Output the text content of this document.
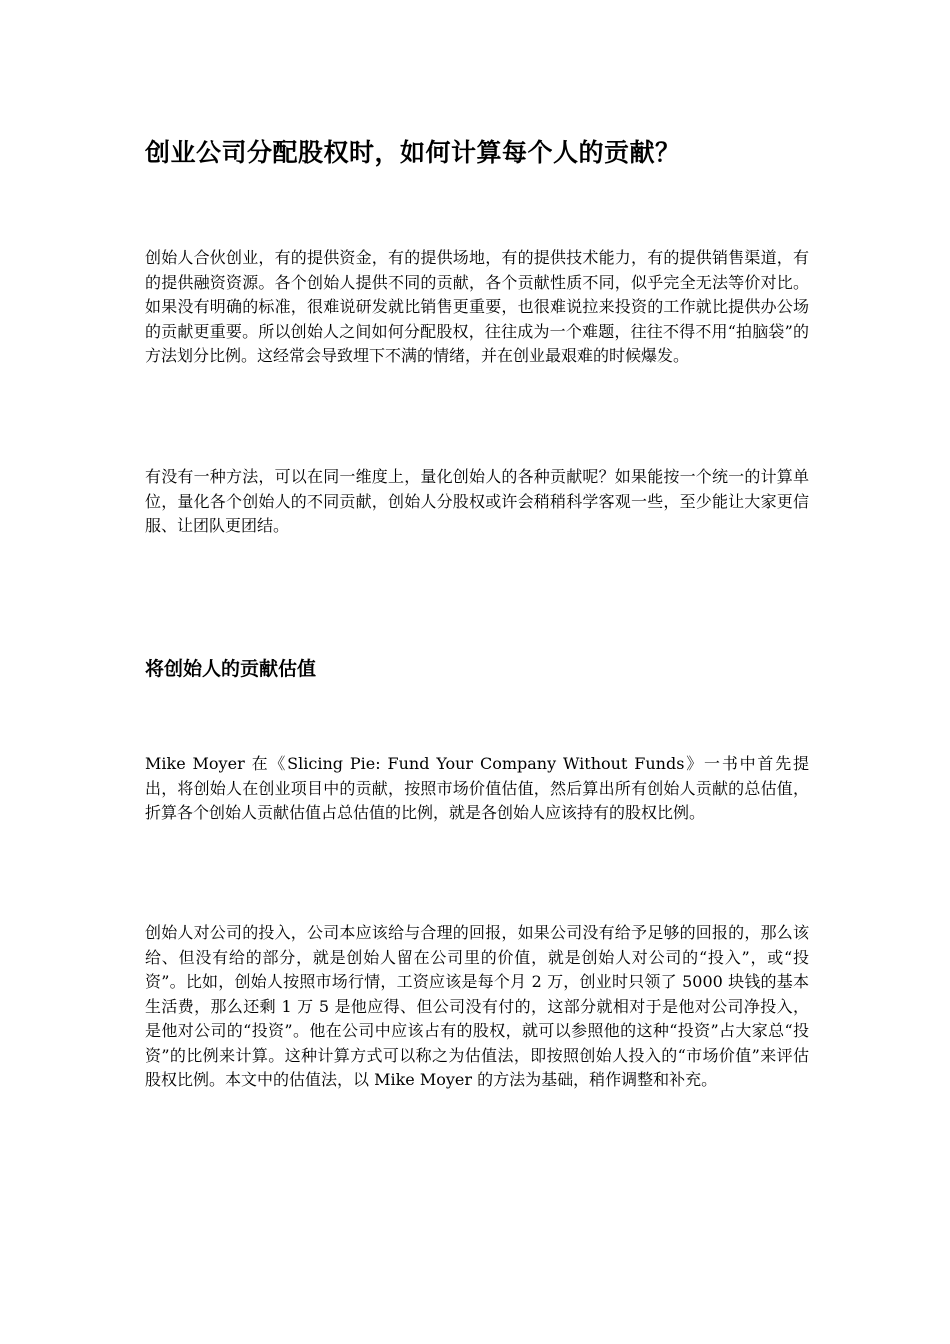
创业公司分配股权时，如何计算每个人的贡献？

创始人合伙创业，有的提供资金，有的提供场地，有的提供技术能力，有的提供销售渠道，有的提供融资资源。各个创始人提供不同的贡献，各个贡献性质不同，似乎完全无法等价对比。如果没有明确的标准，很难说研发就比销售更重要，也很难说拉来投资的工作就比提供办公场的贡献更重要。所以创始人之间如何分配股权，往往成为一个难题，往往不得不用“拍脑袋”的方法划分比例。这经常会导致埋下不满的情绪，并在创业最艰难的时候爆发。

有没有一种方法，可以在同一维度上，量化创始人的各种贡献呢？如果能按一个统一的计算单位，量化各个创始人的不同贡献，创始人分股权或许会稍稍科学客观一些，至少能让大家更信服、让团队更团结。

将创始人的贡献估值

Mike Moyer 在《Slicing Pie: Fund Your Company Without Funds》一书中首先提出，将创始人在创业项目中的贡献，按照市场价值估值，然后算出所有创始人贡献的总估值，折算各个创始人贡献估值占总估值的比例，就是各创始人应该持有的股权比例。

创始人对公司的投入，公司本应该给与合理的回报，如果公司没有给予足够的回报的，那么该给、但没有给的部分，就是创始人留在公司里的价值，就是创始人对公司的“投入”，或“投资”。比如，创始人按照市场行情，工资应该是每个月 2 万，创业时只领了 5000 块钱的基本生活费，那么还剩 1 万 5 是他应得、但公司没有付的，这部分就相对于是他对公司净投入，是他对公司的“投资”。他在公司中应该占有的股权，就可以参照他的这种“投资”占大家总“投资”的比例来计算。这种计算方式可以称之为估值法，即按照创始人投入的“市场价值”来评估股权比例。本文中的估值法，以 Mike Moyer 的方法为基础，稍作调整和补充。
